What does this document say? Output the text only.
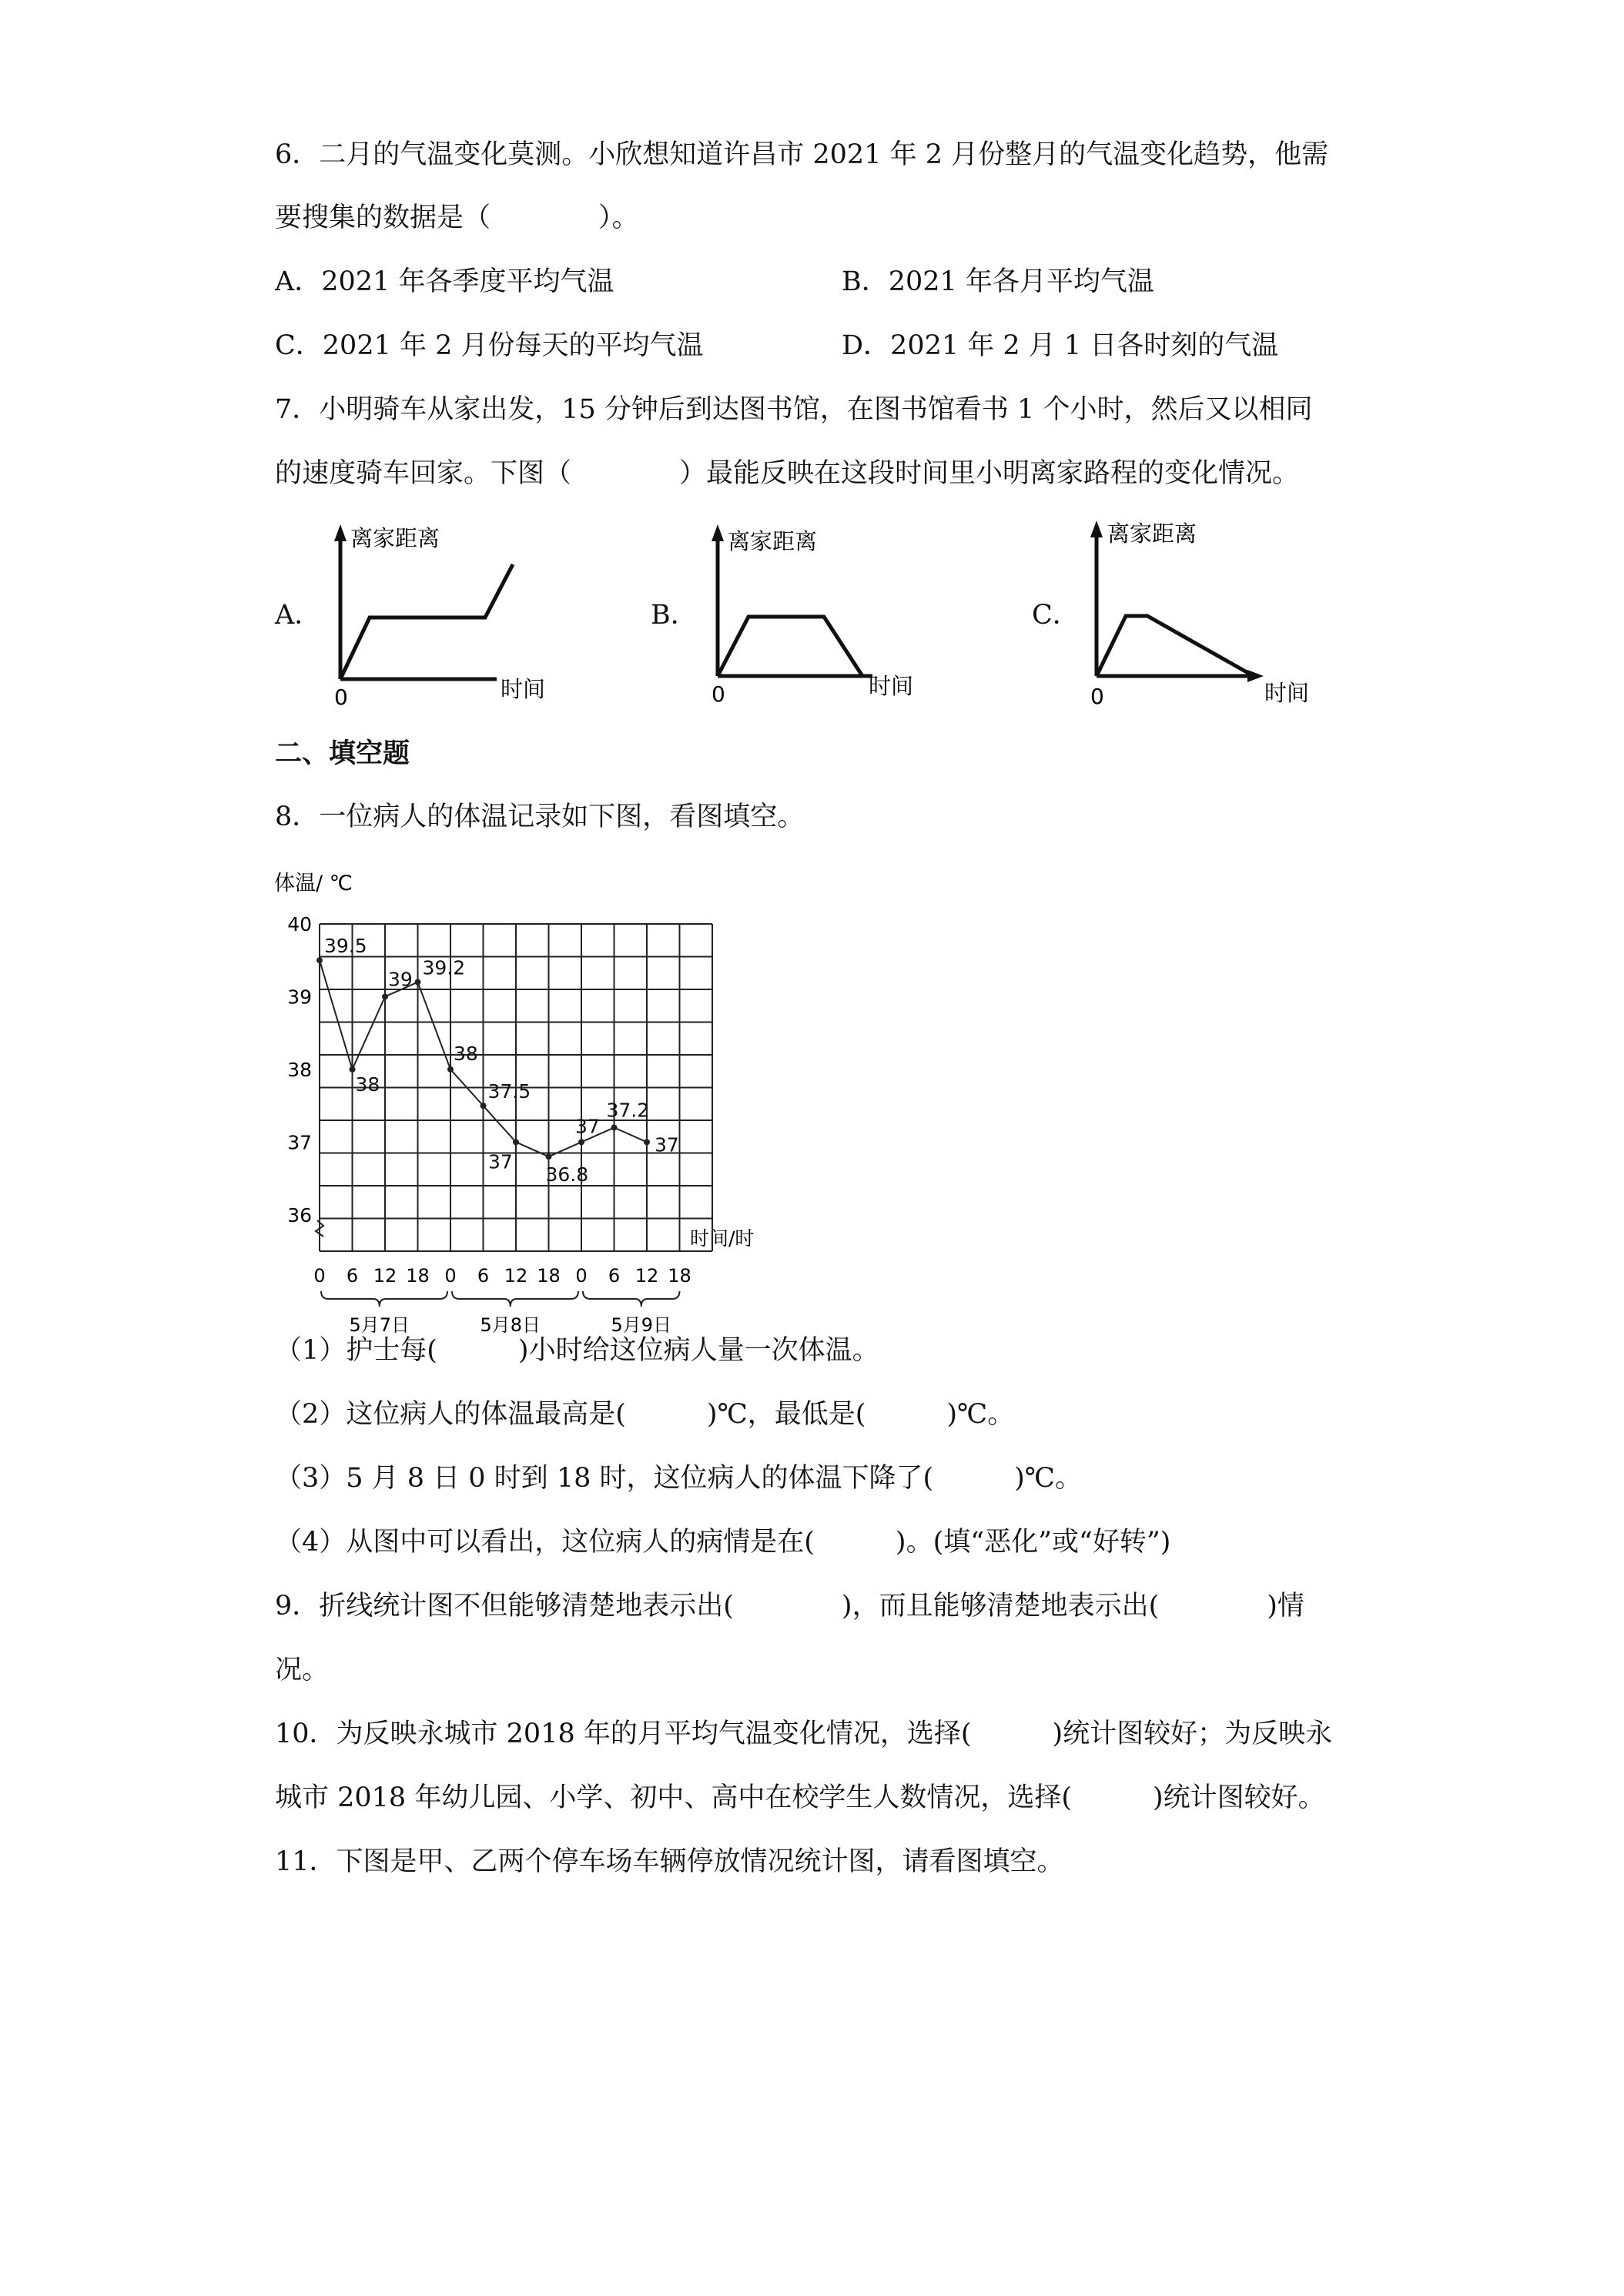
6．二月的气温变化莫测。小欣想知道许昌市 2021 年 2 月份整月的气温变化趋势，他需
要搜集的数据是（　　　　）。
A．2021 年各季度平均气温	B．2021 年各月平均气温
C．2021 年 2 月份每天的平均气温	D．2021 年 2 月 1 日各时刻的气温
7．小明骑车从家出发，15 分钟后到达图书馆，在图书馆看书 1 个小时，然后又以相同
的速度骑车回家。下图（　　　　）最能反映在这段时间里小明离家路程的变化情况。
A．
离家距离
0	时间
B．
离家距离
0	时间
C．
离家距离
0	时间
二、填空题
8．一位病人的体温记录如下图，看图填空。
体温/ ℃
时间/时
36
37
38
39
40
0 6 12 18 0 6 12 18 0 6 12 18
5月7日	5月8日	5月9日
39.5
38
39
39.2
38
37.5
37
36.8
37
37.2
37
（1）护士每(　　　)小时给这位病人量一次体温。
（2）这位病人的体温最高是(　　　)℃，最低是(　　　)℃。
（3）5 月 8 日 0 时到 18 时，这位病人的体温下降了(　　　)℃。
（4）从图中可以看出，这位病人的病情是在(　　　)。(填“恶化”或“好转”)
9．折线统计图不但能够清楚地表示出(　　　　)，而且能够清楚地表示出(　　　　)情
况。
10．为反映永城市 2018 年的月平均气温变化情况，选择(　　　)统计图较好；为反映永
城市 2018 年幼儿园、小学、初中、高中在校学生人数情况，选择(　　　)统计图较好。
11．下图是甲、乙两个停车场车辆停放情况统计图，请看图填空。
